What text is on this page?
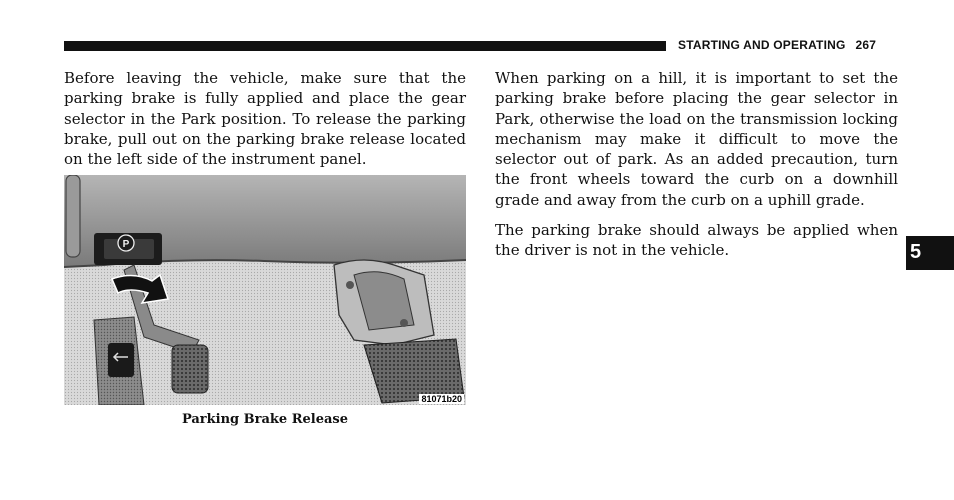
STARTING AND OPERATING 267

Before leaving the vehicle, make sure that the parking brake is fully applied and place the gear selector in the Park position. To release the parking brake, pull out on the parking brake release located on the left side of the instrument panel.

P
81071b20
Parking Brake Release

When parking on a hill, it is important to set the parking brake before placing the gear selector in Park, otherwise the load on the transmission locking mechanism may make it difficult to move the selector out of park. As an added precaution, turn the front wheels toward the curb on a downhill grade and away from the curb on a uphill grade.

The parking brake should always be applied when the driver is not in the vehicle.	5
